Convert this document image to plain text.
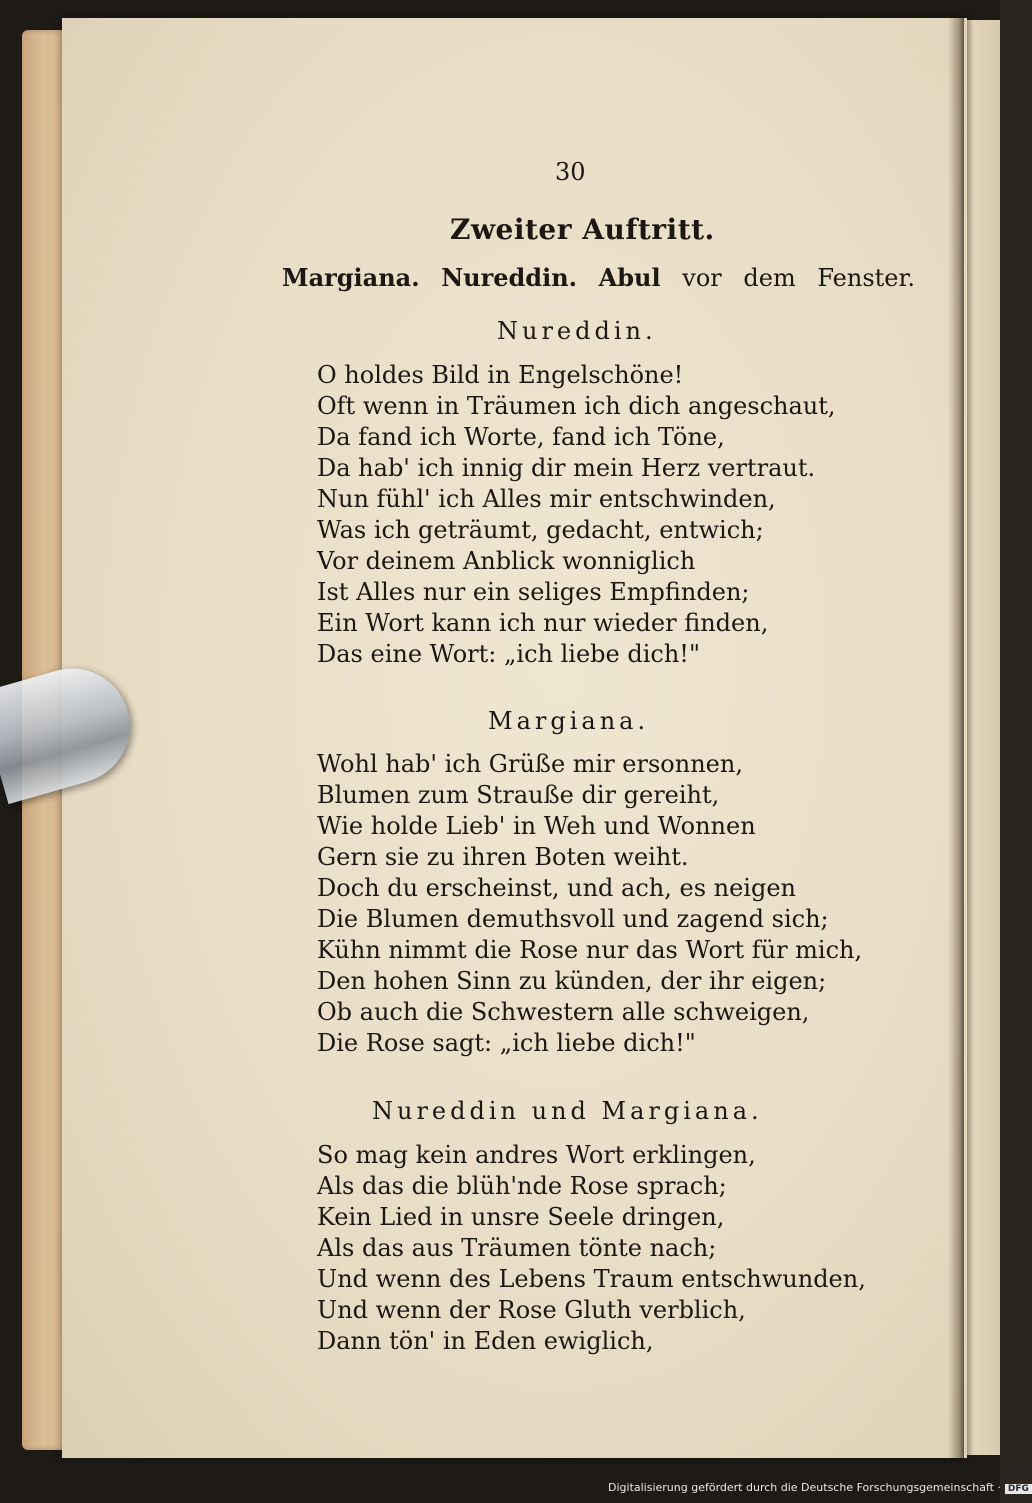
30
Zweiter Auftritt.
Margiana. Nureddin. Abul vor dem Fenster.
Nureddin.
O holdes Bild in Engelschöne!
Oft wenn in Träumen ich dich angeschaut,
Da fand ich Worte, fand ich Töne,
Da hab' ich innig dir mein Herz vertraut.
Nun fühl' ich Alles mir entschwinden,
Was ich geträumt, gedacht, entwich;
Vor deinem Anblick wonniglich
Ist Alles nur ein seliges Empfinden;
Ein Wort kann ich nur wieder finden,
Das eine Wort: „ich liebe dich!"
Margiana.
Wohl hab' ich Grüße mir ersonnen,
Blumen zum Strauße dir gereiht,
Wie holde Lieb' in Weh und Wonnen
Gern sie zu ihren Boten weiht.
Doch du erscheinst, und ach, es neigen
Die Blumen demuthsvoll und zagend sich;
Kühn nimmt die Rose nur das Wort für mich,
Den hohen Sinn zu künden, der ihr eigen;
Ob auch die Schwestern alle schweigen,
Die Rose sagt: „ich liebe dich!"
Nureddin und Margiana.
So mag kein andres Wort erklingen,
Als das die blüh'nde Rose sprach;
Kein Lied in unsre Seele dringen,
Als das aus Träumen tönte nach;
Und wenn des Lebens Traum entschwunden,
Und wenn der Rose Gluth verblich,
Dann tön' in Eden ewiglich,
Digitalisierung gefördert durch die Deutsche Forschungsgemeinschaft · DFG
